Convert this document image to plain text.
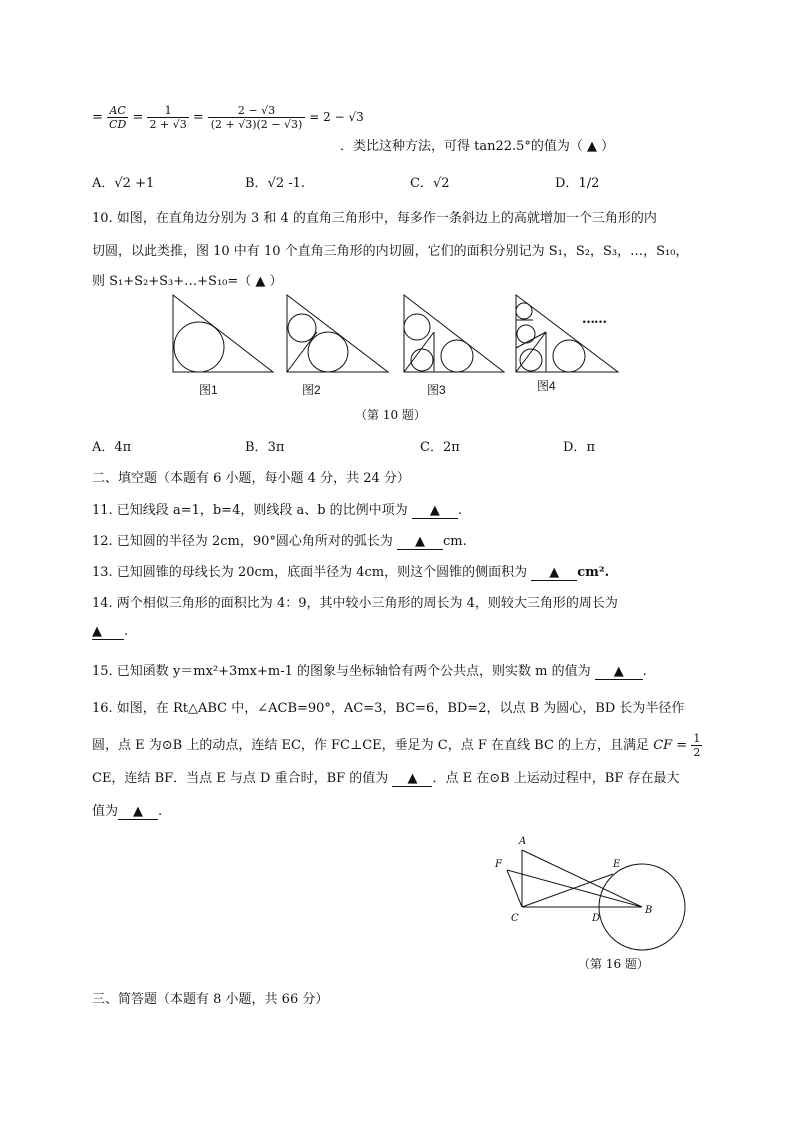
= $\frac{AC}{CD} = \frac{1}{2 + √3} = \frac{2 - √3}{(2 + √3)(2 - √3)} = 2 - √3$
．类比这种方法，可得 tan22.5°的值为（ ▲ ）
A．√2 +1	B．√2 -1.	C．√2	D．1/2
10. 如图，在直角边分别为 3 和 4 的直角三角形中，每多作一条斜边上的高就增加一个三角形的内
切圆，以此类推，图 10 中有 10 个直角三角形的内切圆，它们的面积分别记为 S₁，S₂，S₃，…，S₁₀，
则 S₁+S₂+S₃+…+S₁₀=（ ▲ ）
……
图1	图2	图3	图4
（第 10 题）
A．4π	B．3π	C．2π	D．π
二、填空题（本题有 6 小题，每小题 4 分，共 24 分）
11. 已知线段 a=1，b=4，则线段 a、b 的比例中项为 ▲ .
12. 已知圆的半径为 2cm，90°圆心角所对的弧长为 ▲ cm.
13. 已知圆锥的母线长为 20cm，底面半径为 4cm，则这个圆锥的侧面积为 ▲ cm².
14. 两个相似三角形的面积比为 4：9，其中较小三角形的周长为 4，则较大三角形的周长为
▲ .
15. 已知函数 y＝mx²+3mx+m-1 的图象与坐标轴恰有两个公共点，则实数 m 的值为 ▲ .
16. 如图，在 Rt△ABC 中，∠ACB=90°，AC=3，BC=6，BD=2，以点 B 为圆心，BD 长为半径作
圆，点 E 为⊙B 上的动点，连结 EC，作 FC⊥CE，垂足为 C，点 F 在直线 BC 的上方，且满足 CF = $\frac{1}{2}$
CE，连结 BF．当点 E 与点 D 重合时，BF 的值为 ▲ ．点 E 在⊙B 上运动过程中，BF 存在最大
值为 ▲ .
A
F	E
C	D
B
（第 16 题）
三、简答题（本题有 8 小题，共 66 分）
